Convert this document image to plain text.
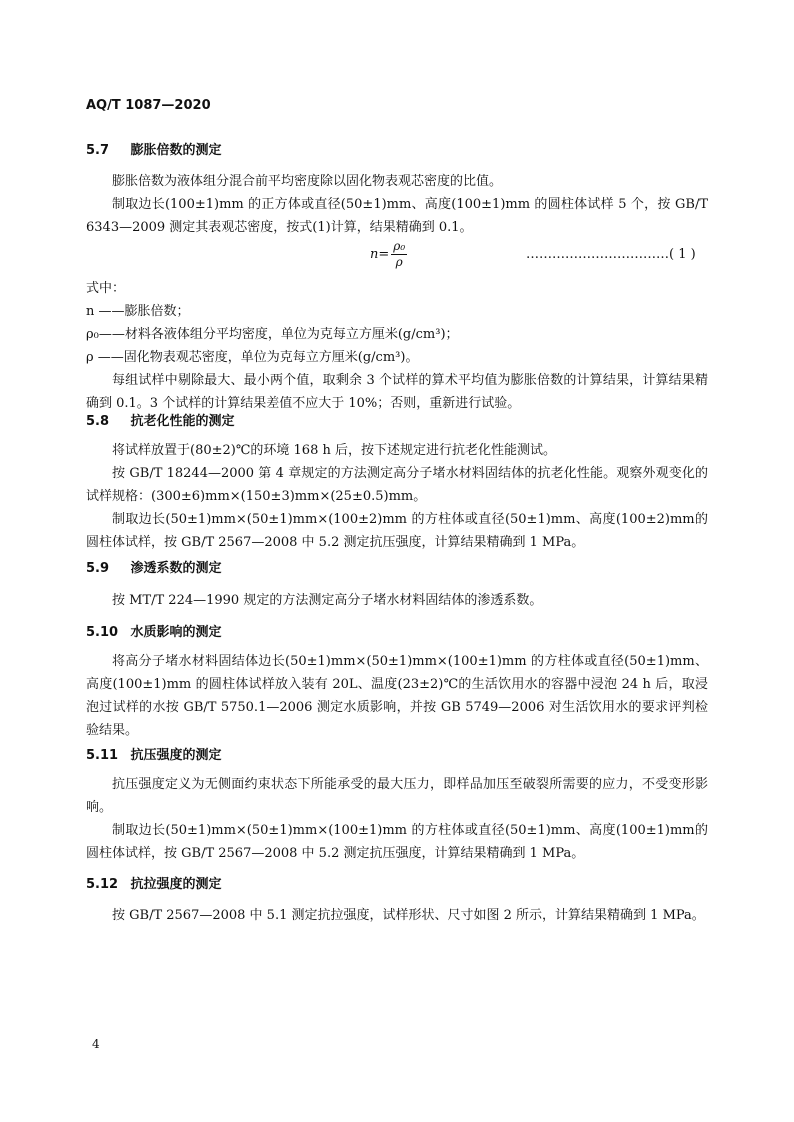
AQ/T 1087—2020
5.7 膨胀倍数的测定

膨胀倍数为液体组分混合前平均密度除以固化物表观芯密度的比值。

制取边长(100±1)mm 的正方体或直径(50±1)mm、高度(100±1)mm 的圆柱体试样 5 个，按 GB/T 6343—2009 测定其表观芯密度，按式(1)计算，结果精确到 0.1。

$n= \frac{\text{ρ₀}}{\rho}$	……………………………( 1 )

式中：

n ——膨胀倍数；

ρ₀——材料各液体组分平均密度，单位为克每立方厘米(g/cm³)；

ρ ——固化物表观芯密度，单位为克每立方厘米(g/cm³)。

每组试样中剔除最大、最小两个值，取剩余 3 个试样的算术平均值为膨胀倍数的计算结果，计算结果精确到 0.1。3 个试样的计算结果差值不应大于 10%；否则，重新进行试验。

5.8 抗老化性能的测定

将试样放置于(80±2)℃的环境 168 h 后，按下述规定进行抗老化性能测试。

按 GB/T 18244—2000 第 4 章规定的方法测定高分子堵水材料固结体的抗老化性能。观察外观变化的试样规格：(300±6)mm×(150±3)mm×(25±0.5)mm。

制取边长(50±1)mm×(50±1)mm×(100±2)mm 的方柱体或直径(50±1)mm、高度(100±2)mm的圆柱体试样，按 GB/T 2567—2008 中 5.2 测定抗压强度，计算结果精确到 1 MPa。

5.9 渗透系数的测定

按 MT/T 224—1990 规定的方法测定高分子堵水材料固结体的渗透系数。

5.10 水质影响的测定

将高分子堵水材料固结体边长(50±1)mm×(50±1)mm×(100±1)mm 的方柱体或直径(50±1)mm、高度(100±1)mm 的圆柱体试样放入装有 20L、温度(23±2)℃的生活饮用水的容器中浸泡 24 h 后，取浸泡过试样的水按 GB/T 5750.1—2006 测定水质影响，并按 GB 5749—2006 对生活饮用水的要求评判检验结果。

5.11 抗压强度的测定

抗压强度定义为无侧面约束状态下所能承受的最大压力，即样品加压至破裂所需要的应力，不受变形影响。

制取边长(50±1)mm×(50±1)mm×(100±1)mm 的方柱体或直径(50±1)mm、高度(100±1)mm的圆柱体试样，按 GB/T 2567—2008 中 5.2 测定抗压强度，计算结果精确到 1 MPa。

5.12 抗拉强度的测定

按 GB/T 2567—2008 中 5.1 测定抗拉强度，试样形状、尺寸如图 2 所示，计算结果精确到 1 MPa。

4
